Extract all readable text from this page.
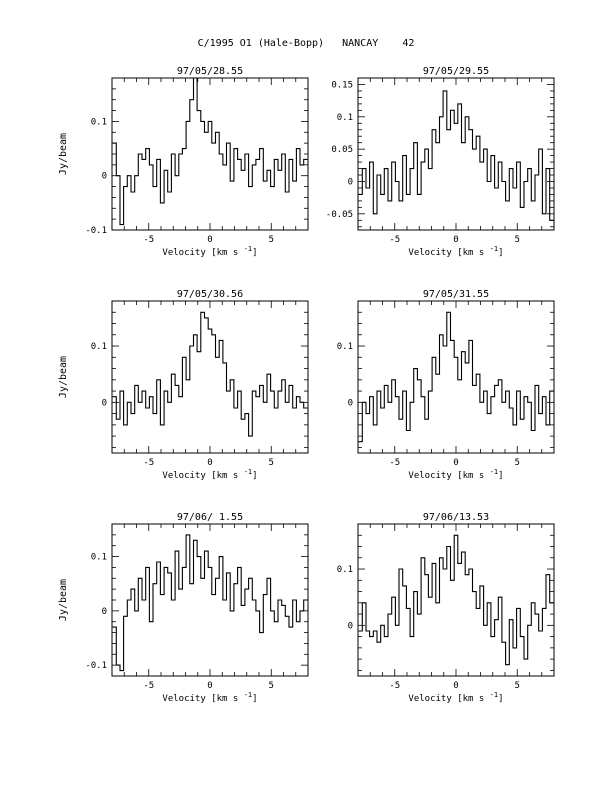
C/1995 O1 (Hale-Bopp)   NANCAY    42
-5	0	5
-0.1
0
0.1
97/05/28.55
Velocity [km s $^{-1}$]
Jy/beam
-5	0	5
-0.05
0
0.05
0.1
0.15
97/05/29.55
Velocity [km s $^{-1}$]
-5	0	5
0
0.1
97/05/30.56
Velocity [km s $^{-1}$]
Jy/beam
-5	0	5
0
0.1
97/05/31.55
Velocity [km s $^{-1}$]
-5	0	5
-0.1
0
0.1
97/06/ 1.55
Velocity [km s $^{-1}$]
Jy/beam
-5	0	5
0
0.1
97/06/13.53
Velocity [km s $^{-1}$]
